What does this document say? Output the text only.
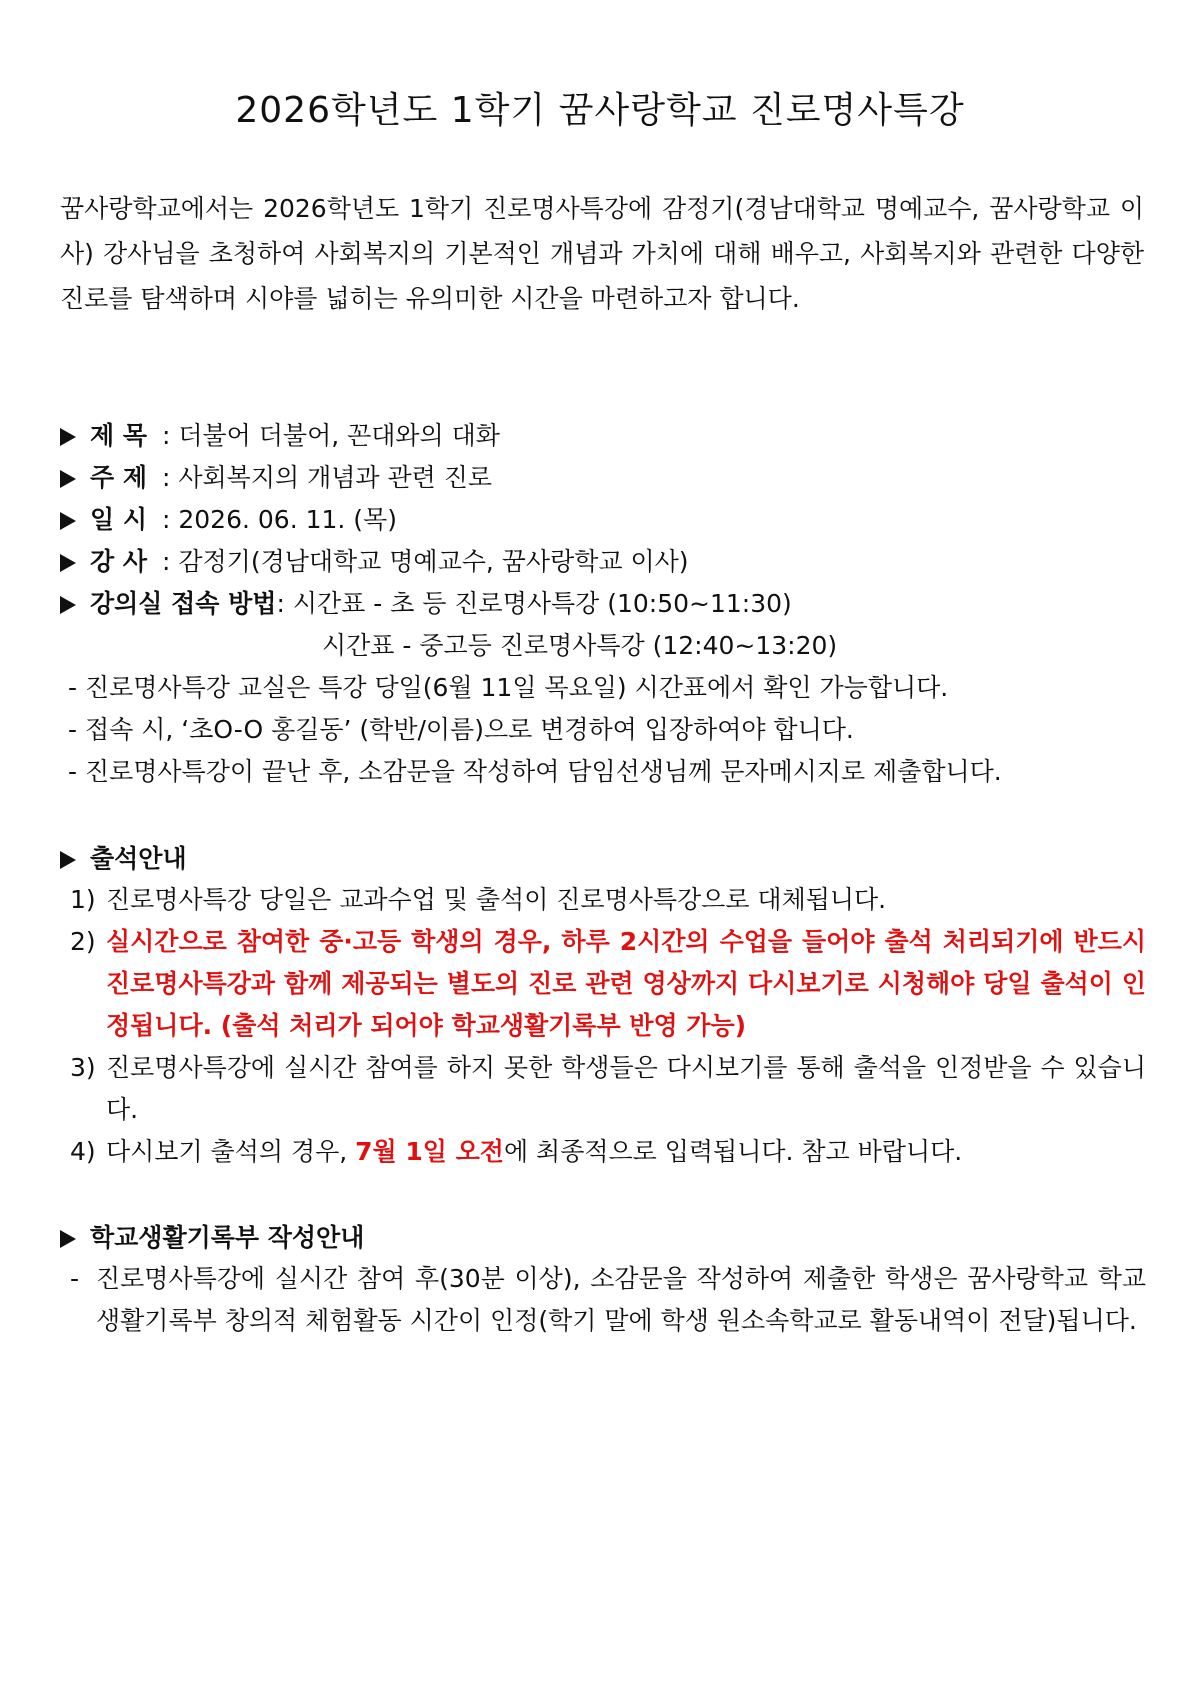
2026학년도 1학기 꿈사랑학교 진로명사특강
꿈사랑학교에서는 2026학년도 1학기 진로명사특강에 감정기(경남대학교 명예교수, 꿈사랑학교 이사) 강사님을 초청하여 사회복지의 기본적인 개념과 가치에 대해 배우고, 사회복지와 관련한 다양한 진로를 탐색하며 시야를 넓히는 유의미한 시간을 마련하고자 합니다.
제 목 : 더불어 더불어, 꼰대와의 대화
주 제 : 사회복지의 개념과 관련 진로
일 시 : 2026. 06. 11. (목)
강 사 : 감정기(경남대학교 명예교수, 꿈사랑학교 이사)
강의실 접속 방법: 시간표 - 초 등 진로명사특강 (10:50~11:30)
시간표 - 중고등 진로명사특강 (12:40~13:20)
- 진로명사특강 교실은 특강 당일(6월 11일 목요일) 시간표에서 확인 가능합니다.
- 접속 시, ‘초O-O 홍길동’ (학반/이름)으로 변경하여 입장하여야 합니다.
- 진로명사특강이 끝난 후, 소감문을 작성하여 담임선생님께 문자메시지로 제출합니다.
출석안내
1) 진로명사특강 당일은 교과수업 및 출석이 진로명사특강으로 대체됩니다.
2) 실시간으로 참여한 중·고등 학생의 경우, 하루 2시간의 수업을 들어야 출석 처리되기에 반드시 진로명사특강과 함께 제공되는 별도의 진로 관련 영상까지 다시보기로 시청해야 당일 출석이 인정됩니다. (출석 처리가 되어야 학교생활기록부 반영 가능)
3) 진로명사특강에 실시간 참여를 하지 못한 학생들은 다시보기를 통해 출석을 인정받을 수 있습니다.
4) 다시보기 출석의 경우, 7월 1일 오전에 최종적으로 입력됩니다. 참고 바랍니다.
학교생활기록부 작성안내
- 진로명사특강에 실시간 참여 후(30분 이상), 소감문을 작성하여 제출한 학생은 꿈사랑학교 학교생활기록부 창의적 체험활동 시간이 인정(학기 말에 학생 원소속학교로 활동내역이 전달)됩니다.
